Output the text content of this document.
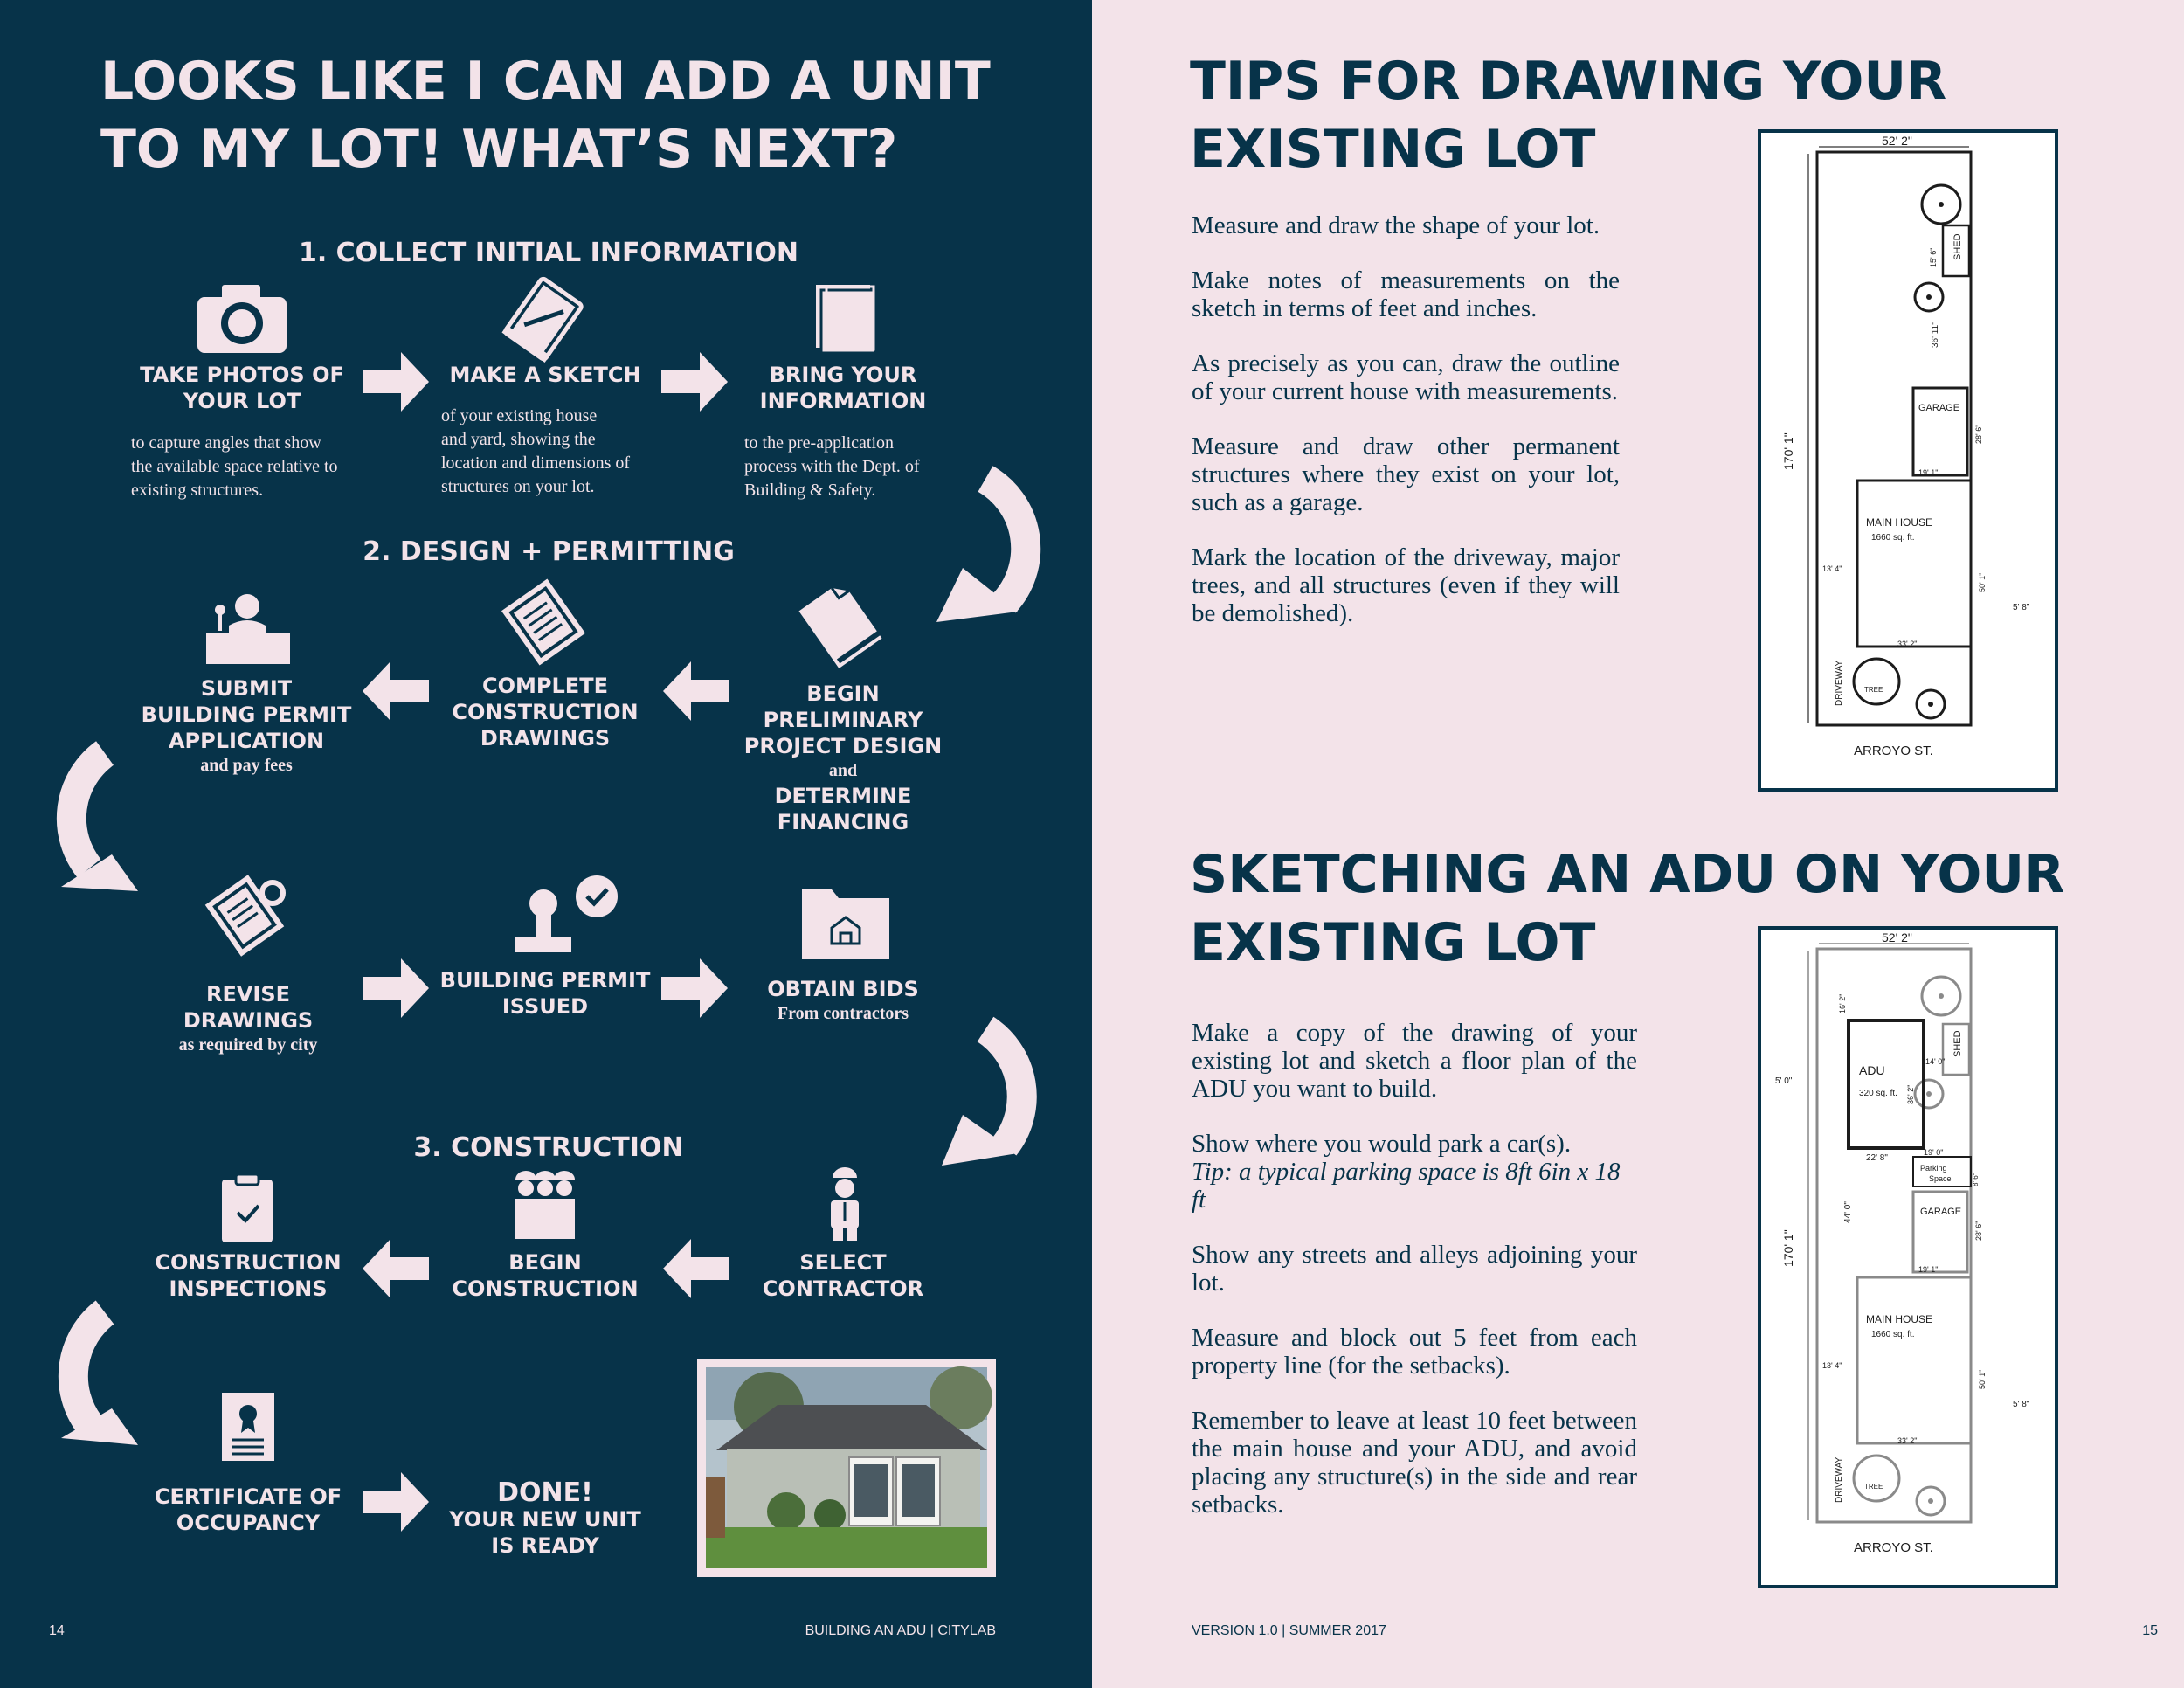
LOOKS LIKE I CAN ADD A UNIT
TO MY LOT! WHAT’S NEXT?
1. COLLECT INITIAL INFORMATION
2. DESIGN + PERMITTING
3. CONSTRUCTION
TAKE PHOTOS OF
YOUR LOT
to capture angles that show
the available space relative to
existing structures.
MAKE A SKETCH
of your existing house
and yard, showing the
location and dimensions of
structures on your lot.
BRING YOUR
INFORMATION
to the pre-application
process with the Dept. of
Building & Safety.
SUBMIT
BUILDING PERMIT
APPLICATION
and pay fees
COMPLETE
CONSTRUCTION
DRAWINGS
BEGIN
PRELIMINARY
PROJECT DESIGN
and
DETERMINE
FINANCING
REVISE
DRAWINGS
as required by city
BUILDING PERMIT
ISSUED
OBTAIN BIDS
From contractors
CONSTRUCTION
INSPECTIONS
BEGIN
CONSTRUCTION
SELECT
CONTRACTOR
CERTIFICATE OF
OCCUPANCY
DONE!
YOUR NEW UNIT
IS READY
14	BUILDING AN ADU | CITYLAB
TIPS FOR DRAWING YOUR
EXISTING LOT

Measure and draw the shape of your lot.

Make notes of measurements on the sketch in terms of feet and inches.

As precisely as you can, draw the outline of your current house with measurements.

Measure and draw other permanent structures where they exist on your lot, such as a garage.

Mark the location of the driveway, major trees, and all structures (even if they will be demolished).

SKETCHING AN ADU ON YOUR
EXISTING LOT

Make a copy of the drawing of your existing lot and sketch a floor plan of the ADU you want to build.

Show where you would park a car(s).
Tip: a typical parking space is 8ft 6in x 18 ft

Show any streets and alleys adjoining your lot.

Measure and block out 5 feet from each property line (for the setbacks).

Remember to leave at least 10 feet between the main house and your ADU, and avoid placing any structure(s) in the side and rear setbacks.

52' 2"
170' 1"
SHED
15' 6"
36' 11"
GARAGE
19' 1"
28' 6"
MAIN HOUSE
1660 sq. ft.
33' 2"
50' 1"
13' 4"
5' 8"
DRIVEWAY	TREE
ARROYO ST.
52' 2"
170' 1"
SHED
ADU
320 sq. ft.
16' 2"
22' 8"
36' 2"
5' 0"
14' 0"
Parking
Space
19' 0"
8' 6"
44' 0"	GARAGE
19' 1"
28' 6"
MAIN HOUSE
1660 sq. ft.
33' 2"
50' 1"
13' 4"
5' 8"
DRIVEWAY	TREE
ARROYO ST.
VERSION 1.0 | SUMMER 2017	15
